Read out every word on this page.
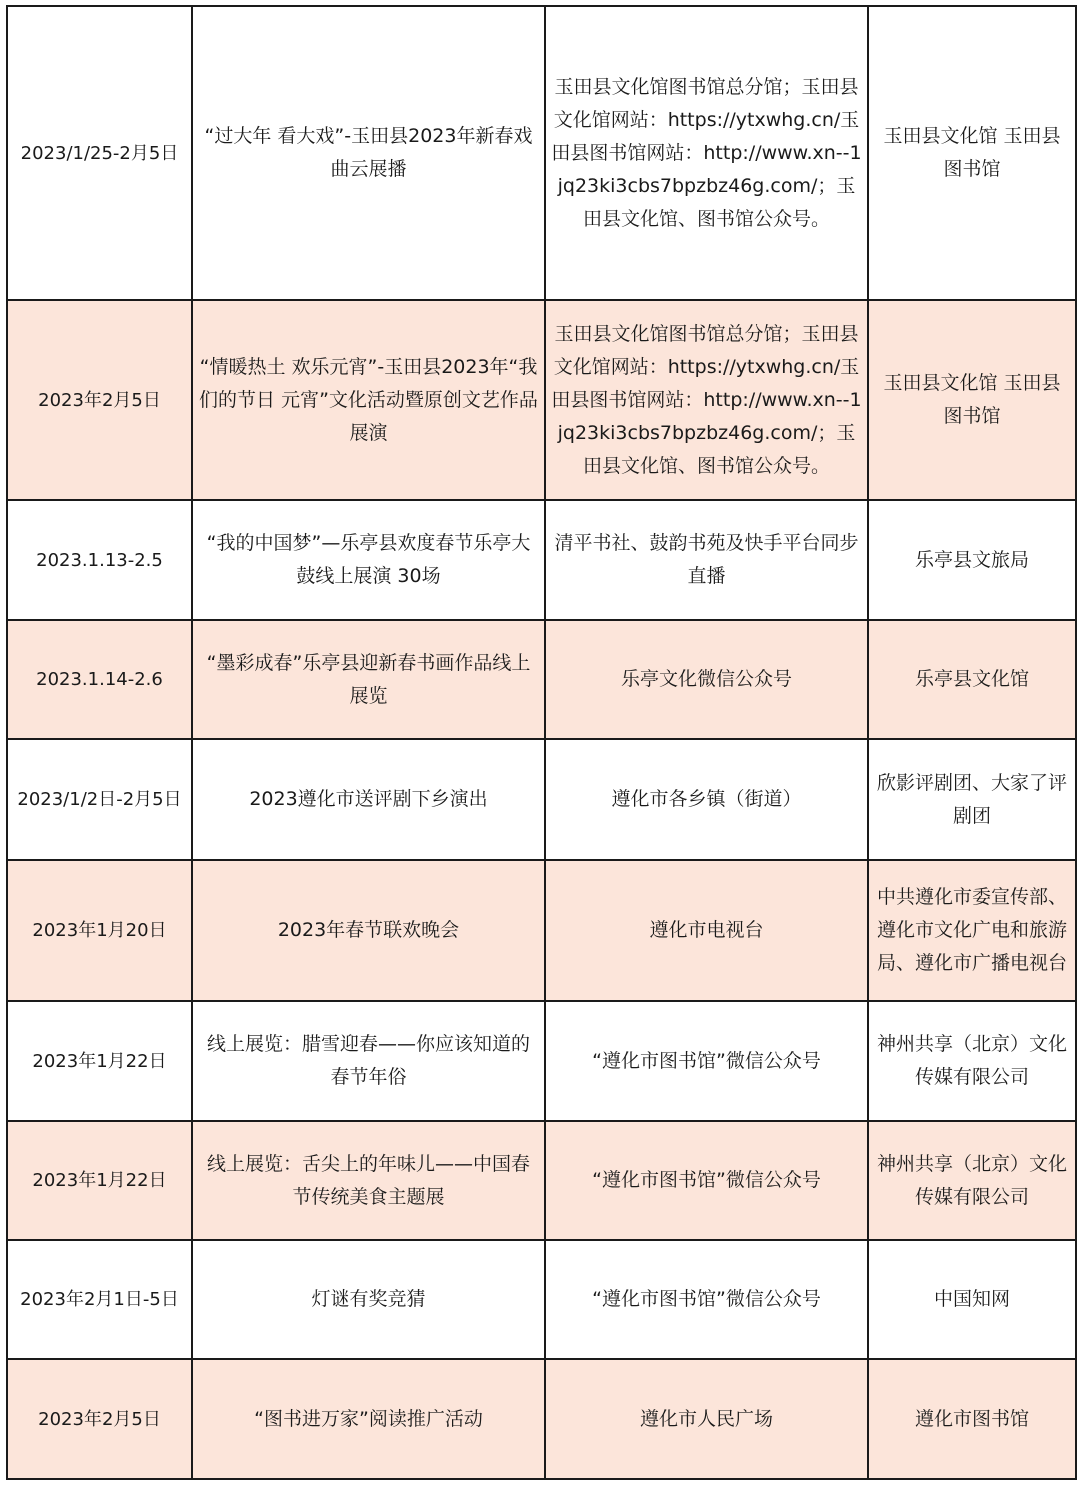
2023/1/25-2月5日	“过大年 看大戏”-玉田县2023年新春戏曲云展播	玉田县文化馆图书馆总分馆；玉田县文化馆网站：https://ytxwhg.cn/玉田县图书馆网站：http://www.xn--1jq23ki3cbs7bpzbz46g.com/；玉田县文化馆、图书馆公众号。	玉田县文化馆 玉田县图书馆
2023年2月5日	“情暖热土 欢乐元宵”-玉田县2023年“我们的节日 元宵”文化活动暨原创文艺作品展演	玉田县文化馆图书馆总分馆；玉田县文化馆网站：https://ytxwhg.cn/玉田县图书馆网站：http://www.xn--1jq23ki3cbs7bpzbz46g.com/；玉田县文化馆、图书馆公众号。	玉田县文化馆 玉田县图书馆
2023.1.13-2.5	“我的中国梦”—乐亭县欢度春节乐亭大鼓线上展演 30场	清平书社、鼓韵书苑及快手平台同步直播	乐亭县文旅局
2023.1.14-2.6	“墨彩成春”乐亭县迎新春书画作品线上展览	乐亭文化微信公众号	乐亭县文化馆
2023/1/2日-2月5日	2023遵化市送评剧下乡演出	遵化市各乡镇（街道）	欣影评剧团、大家了评剧团
2023年1月20日	2023年春节联欢晚会	遵化市电视台	中共遵化市委宣传部、遵化市文化广电和旅游局、遵化市广播电视台
2023年1月22日	线上展览：腊雪迎春——你应该知道的春节年俗	“遵化市图书馆”微信公众号	神州共享（北京）文化传媒有限公司
2023年1月22日	线上展览：舌尖上的年味儿——中国春节传统美食主题展	“遵化市图书馆”微信公众号	神州共享（北京）文化传媒有限公司
2023年2月1日-5日	灯谜有奖竞猜	“遵化市图书馆”微信公众号	中国知网
2023年2月5日	“图书进万家”阅读推广活动	遵化市人民广场	遵化市图书馆
